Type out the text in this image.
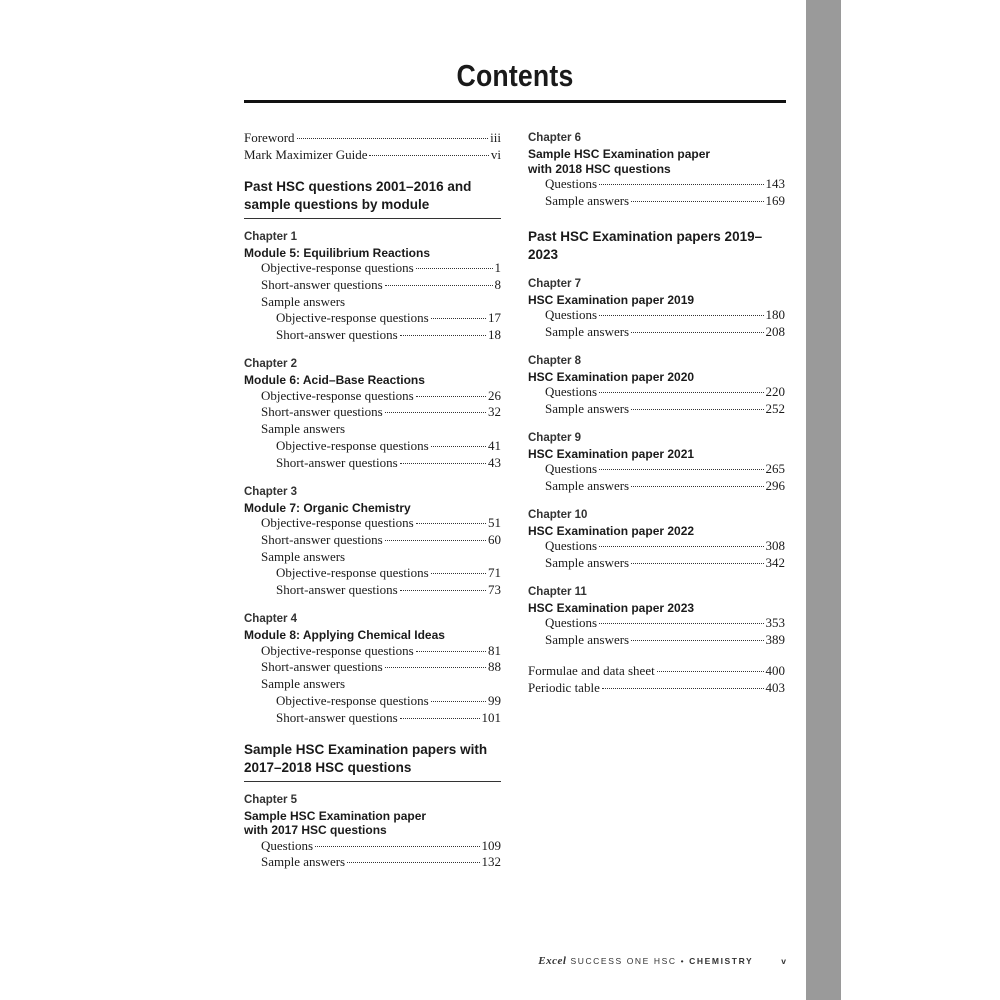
Contents
Foreword	iii
Mark Maximizer Guide	vi
Past HSC questions 2001–2016 and sample questions by module
Chapter 1
Module 5: Equilibrium Reactions
Objective-response questions	1
Short-answer questions	8
Sample answers
Objective-response questions	17
Short-answer questions	18
Chapter 2
Module 6: Acid–Base Reactions
Objective-response questions	26
Short-answer questions	32
Sample answers
Objective-response questions	41
Short-answer questions	43
Chapter 3
Module 7: Organic Chemistry
Objective-response questions	51
Short-answer questions	60
Sample answers
Objective-response questions	71
Short-answer questions	73
Chapter 4
Module 8: Applying Chemical Ideas
Objective-response questions	81
Short-answer questions	88
Sample answers
Objective-response questions	99
Short-answer questions	101
Sample HSC Examination papers with 2017–2018 HSC questions
Chapter 5
Sample HSC Examination paper
with 2017 HSC questions
Questions	109
Sample answers	132
Chapter 6
Sample HSC Examination paper
with 2018 HSC questions
Questions	143
Sample answers	169
Past HSC Examination papers 2019–2023
Chapter 7
HSC Examination paper 2019
Questions	180
Sample answers	208
Chapter 8
HSC Examination paper 2020
Questions	220
Sample answers	252
Chapter 9
HSC Examination paper 2021
Questions	265
Sample answers	296
Chapter 10
HSC Examination paper 2022
Questions	308
Sample answers	342
Chapter 11
HSC Examination paper 2023
Questions	353
Sample answers	389
Formulae and data sheet	400
Periodic table	403
Excel SUCCESS ONE HSC • CHEMISTRY	v
